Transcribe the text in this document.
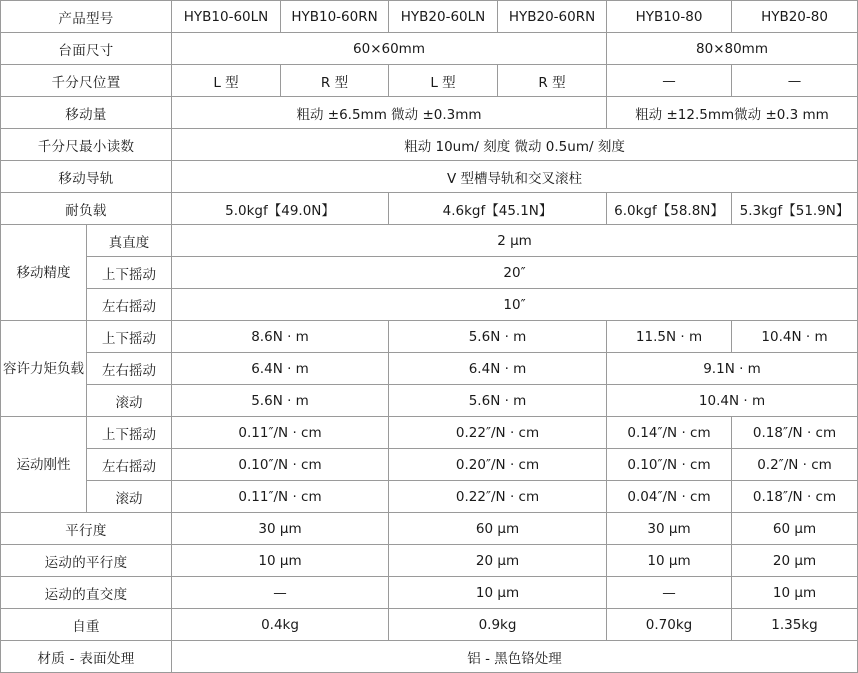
产品型号		HYB10-60LN	HYB10-60RN	HYB20-60LN	HYB20-60RN	HYB10-80	HYB20-80
台面尺寸		60×60mm				80×80mm	
千分尺位置		L 型	R 型	L 型	R 型	—	—
移动量		粗动 ±6.5mm 微动 ±0.3mm				粗动 ±12.5mm微动 ±0.3 mm	
千分尺最小读数		粗动 10um/ 刻度 微动 0.5um/ 刻度					
移动导轨		V 型槽导轨和交叉滚柱					
耐负载		5.0kgf【49.0N】		4.6kgf【45.1N】		6.0kgf【58.8N】	5.3kgf【51.9N】
移动精度	真直度	2 μm					
	上下摇动	20″					
	左右摇动	10″					
容许力矩负载	上下摇动	8.6N · m		5.6N · m		11.5N · m	10.4N · m
	左右摇动	6.4N · m		6.4N · m		9.1N · m	
	滚动	5.6N · m		5.6N · m		10.4N · m	
运动刚性	上下摇动	0.11″/N · cm		0.22″/N · cm		0.14″/N · cm	0.18″/N · cm
	左右摇动	0.10″/N · cm		0.20″/N · cm		0.10″/N · cm	0.2″/N · cm
	滚动	0.11″/N · cm		0.22″/N · cm		0.04″/N · cm	0.18″/N · cm
平行度		30 μm		60 μm		30 μm	60 μm
运动的平行度		10 μm		20 μm		10 μm	20 μm
运动的直交度		—		10 μm		—	10 μm
自重		0.4kg		0.9kg		0.70kg	1.35kg
材质 - 表面处理		铝 - 黑色铬处理					
